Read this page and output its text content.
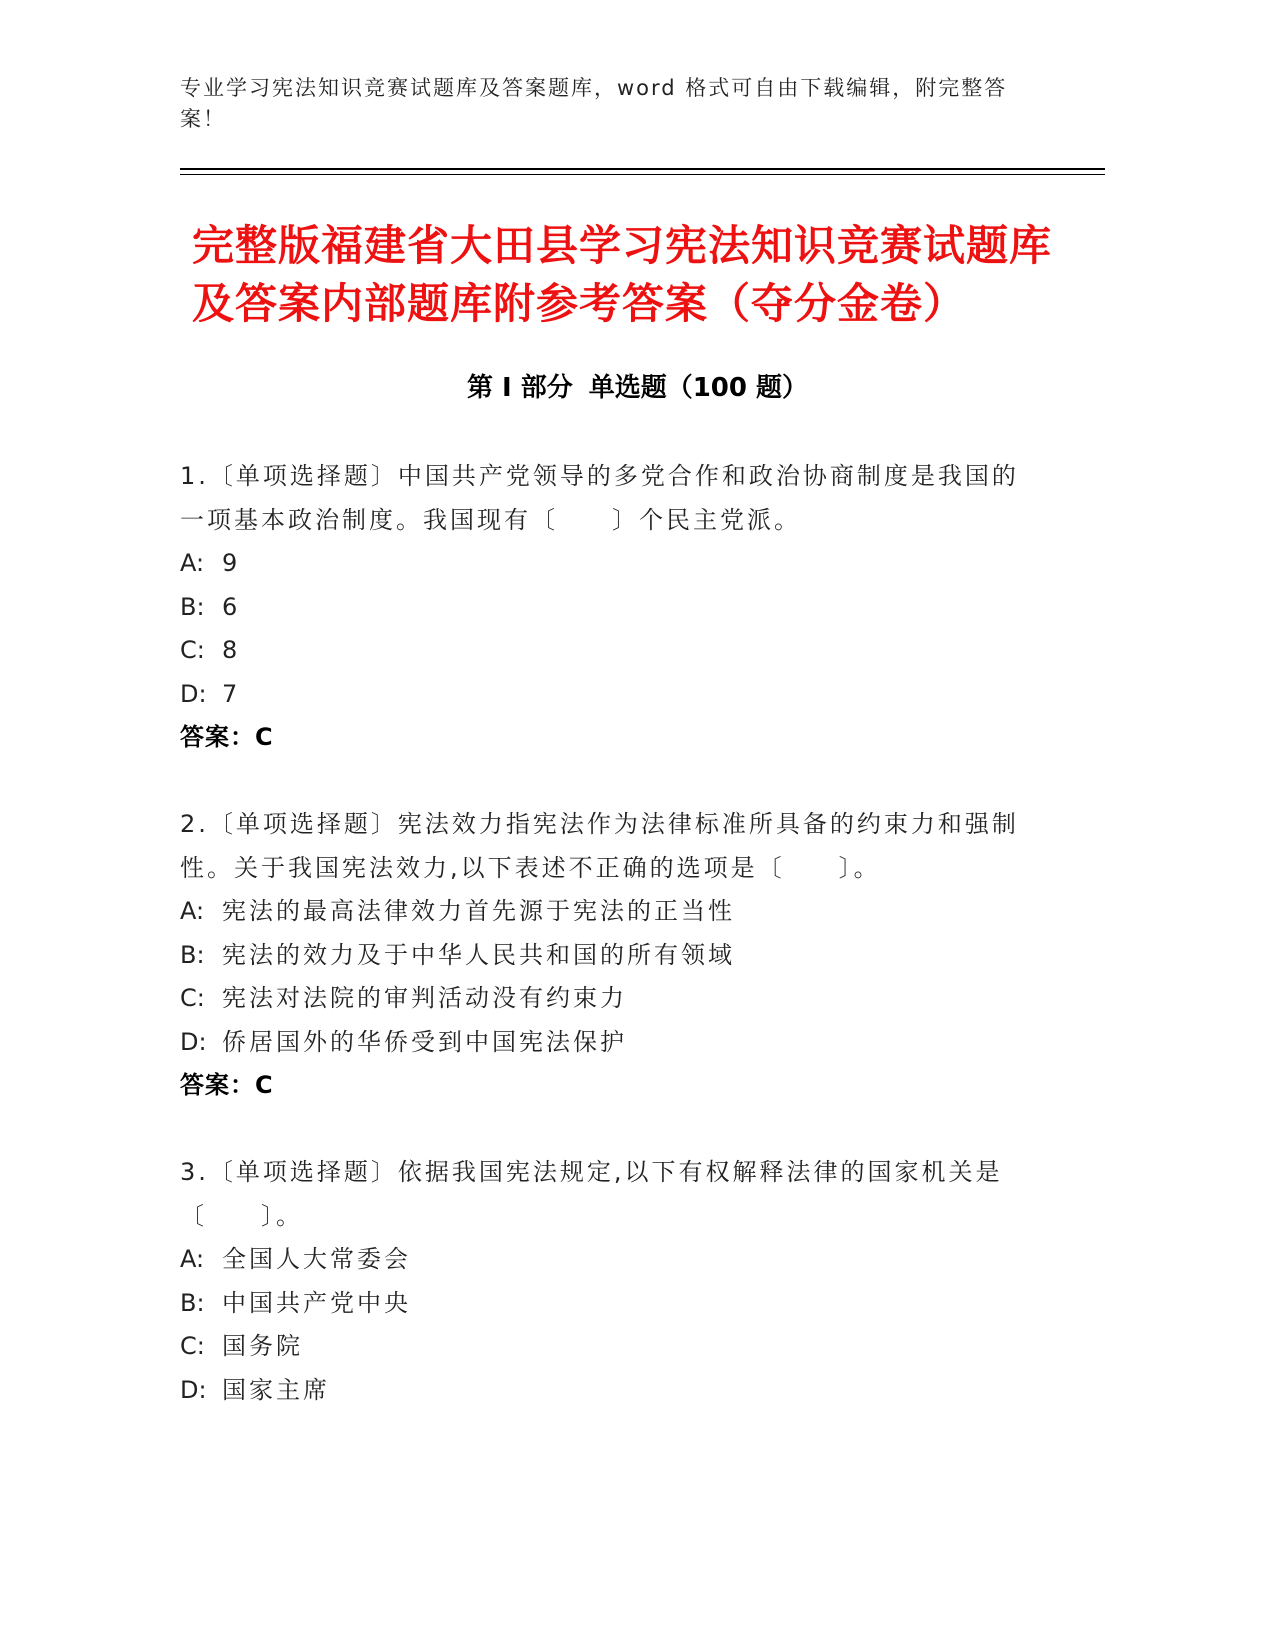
专业学习宪法知识竞赛试题库及答案题库，word 格式可自由下载编辑，附完整答案！
完整版福建省大田县学习宪法知识竞赛试题库及答案内部题库附参考答案（夺分金卷）
第 I 部分 单选题（100 题）
1.〔单项选择题〕中国共产党领导的多党合作和政治协商制度是我国的一项基本政治制度。我国现有〔　　〕个民主党派。
A: 9
B: 6
C: 8
D: 7
答案：C
2.〔单项选择题〕宪法效力指宪法作为法律标准所具备的约束力和强制性。关于我国宪法效力,以下表述不正确的选项是〔　　〕。
A: 宪法的最高法律效力首先源于宪法的正当性
B: 宪法的效力及于中华人民共和国的所有领域
C: 宪法对法院的审判活动没有约束力
D: 侨居国外的华侨受到中国宪法保护
答案：C
3.〔单项选择题〕依据我国宪法规定,以下有权解释法律的国家机关是〔　　〕。
A: 全国人大常委会
B: 中国共产党中央
C: 国务院
D: 国家主席
